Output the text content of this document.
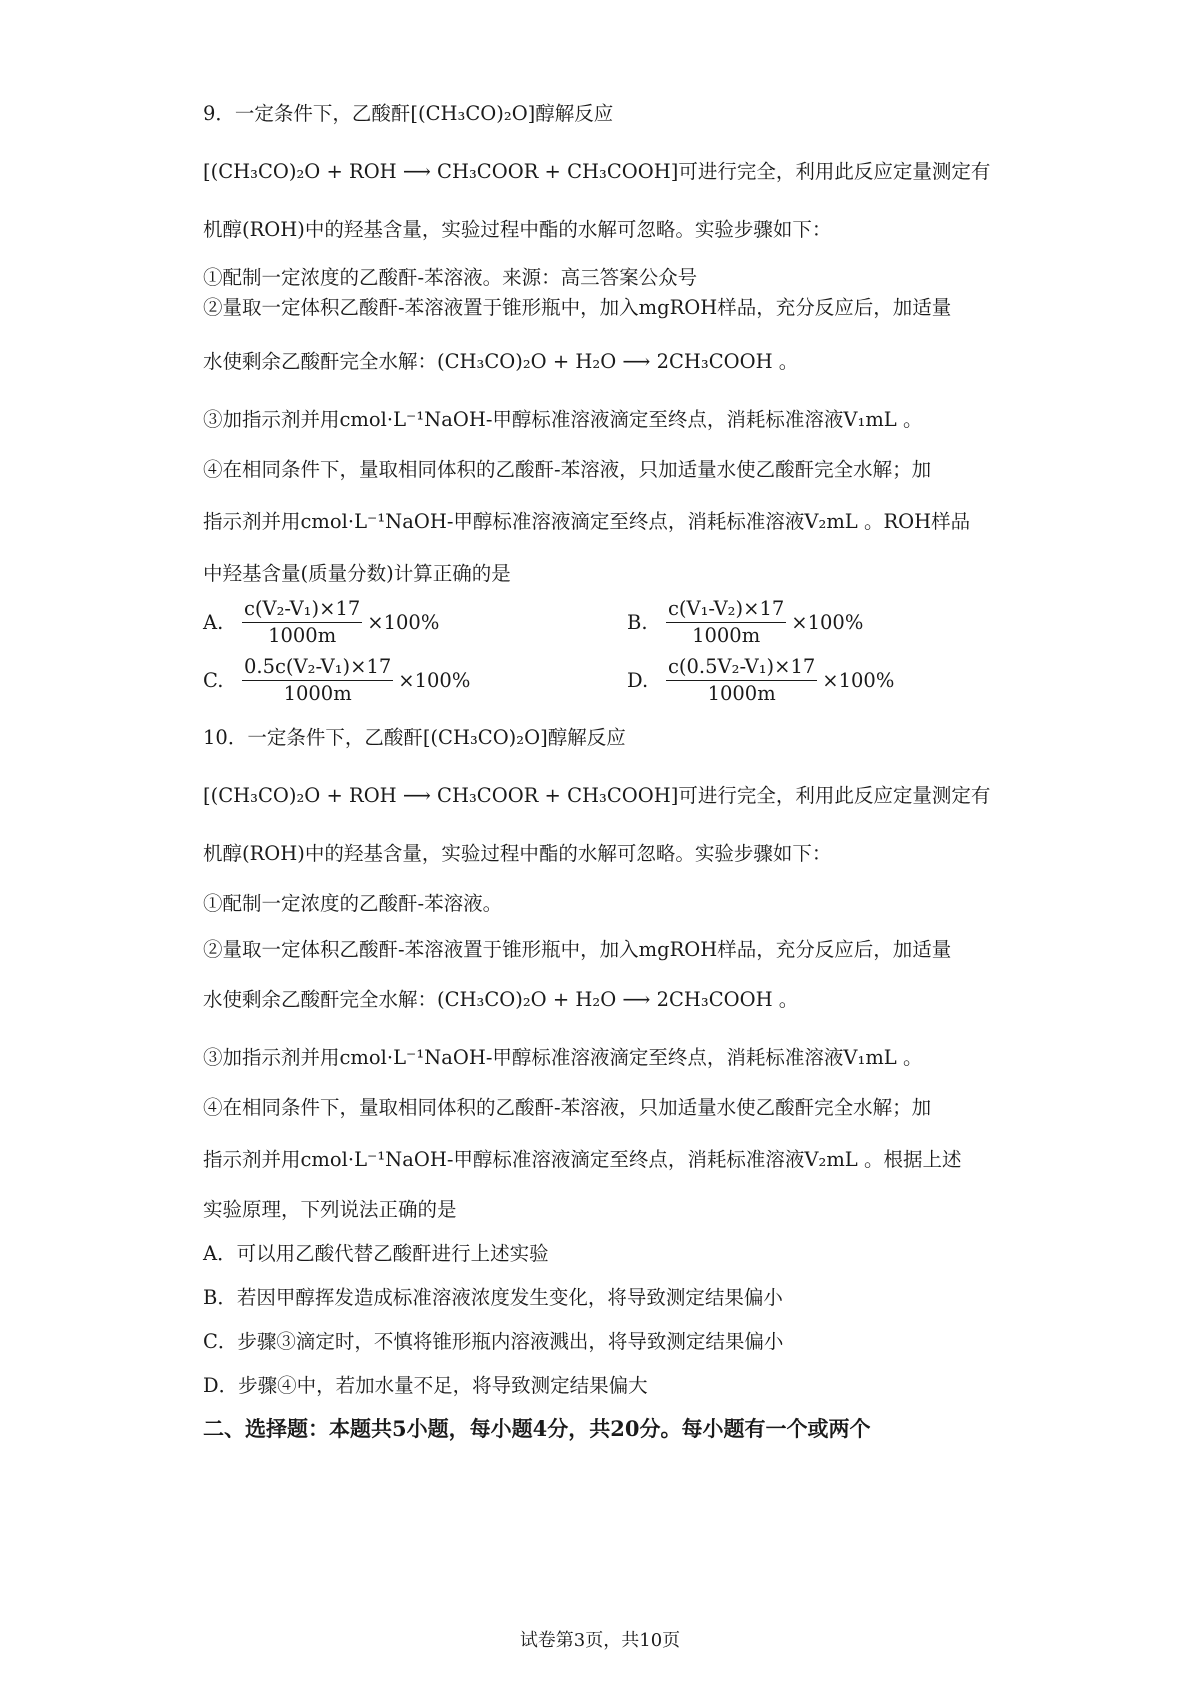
9．一定条件下，乙酸酐[(CH₃CO)₂O]醇解反应
[(CH₃CO)₂O + ROH ⟶ CH₃COOR + CH₃COOH]可进行完全，利用此反应定量测定有
机醇(ROH)中的羟基含量，实验过程中酯的水解可忽略。实验步骤如下：
①配制一定浓度的乙酸酐-苯溶液。来源：高三答案公众号
②量取一定体积乙酸酐-苯溶液置于锥形瓶中，加入mgROH样品，充分反应后，加适量
水使剩余乙酸酐完全水解：(CH₃CO)₂O + H₂O ⟶ 2CH₃COOH 。
③加指示剂并用cmol·L⁻¹NaOH-甲醇标准溶液滴定至终点，消耗标准溶液V₁mL 。
④在相同条件下，量取相同体积的乙酸酐-苯溶液，只加适量水使乙酸酐完全水解；加
指示剂并用cmol·L⁻¹NaOH-甲醇标准溶液滴定至终点，消耗标准溶液V₂mL 。ROH样品
中羟基含量(质量分数)计算正确的是
A. $\frac{\text{c(V₂-V₁)×17}}{1000m} \times 100\%$	B. $\frac{\text{c(V₁-V₂)×17}}{1000m} \times 100\%$
C. $\frac{\text{0.5c(V₂-V₁)×17}}{1000m} \times 100\%$	D. $\frac{\text{c(0.5V₂-V₁)×17}}{1000m} \times 100\%$
10．一定条件下，乙酸酐[(CH₃CO)₂O]醇解反应
[(CH₃CO)₂O + ROH ⟶ CH₃COOR + CH₃COOH]可进行完全，利用此反应定量测定有
机醇(ROH)中的羟基含量，实验过程中酯的水解可忽略。实验步骤如下：
①配制一定浓度的乙酸酐-苯溶液。
②量取一定体积乙酸酐-苯溶液置于锥形瓶中，加入mgROH样品，充分反应后，加适量
水使剩余乙酸酐完全水解：(CH₃CO)₂O + H₂O ⟶ 2CH₃COOH 。
③加指示剂并用cmol·L⁻¹NaOH-甲醇标准溶液滴定至终点，消耗标准溶液V₁mL 。
④在相同条件下，量取相同体积的乙酸酐-苯溶液，只加适量水使乙酸酐完全水解；加
指示剂并用cmol·L⁻¹NaOH-甲醇标准溶液滴定至终点，消耗标准溶液V₂mL 。根据上述
实验原理，下列说法正确的是
A．可以用乙酸代替乙酸酐进行上述实验
B．若因甲醇挥发造成标准溶液浓度发生变化，将导致测定结果偏小
C．步骤③滴定时，不慎将锥形瓶内溶液溅出，将导致测定结果偏小
D．步骤④中，若加水量不足，将导致测定结果偏大
二、选择题：本题共5小题，每小题4分，共20分。每小题有一个或两个
试卷第3页，共10页
